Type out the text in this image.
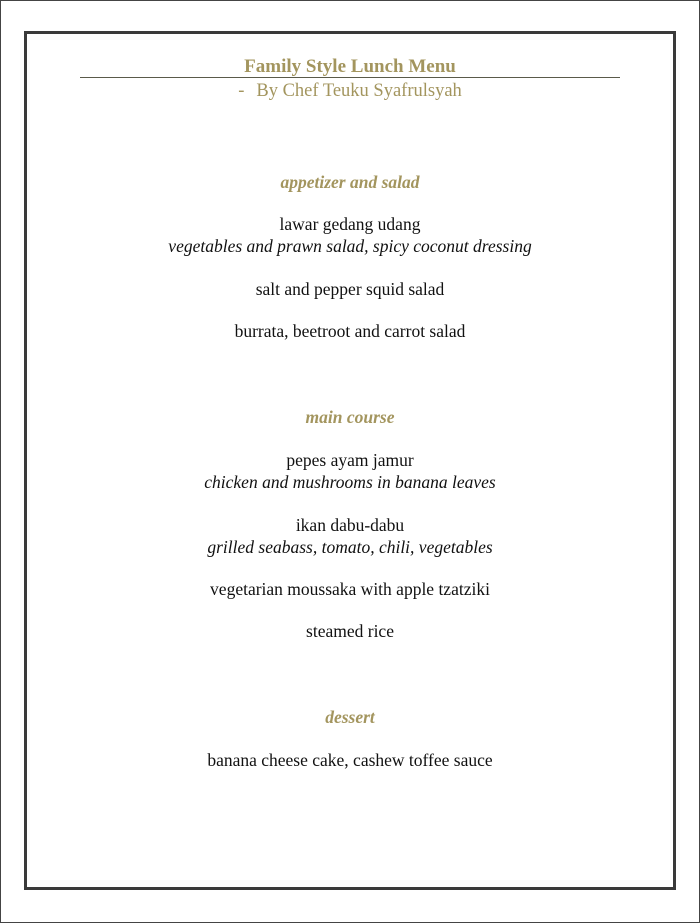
Family Style Lunch Menu
- By Chef Teuku Syafrulsyah
appetizer and salad
lawar gedang udang
vegetables and prawn salad, spicy coconut dressing
salt and pepper squid salad
burrata, beetroot and carrot salad
main course
pepes ayam jamur
chicken and mushrooms in banana leaves
ikan dabu-dabu
grilled seabass, tomato, chili, vegetables
vegetarian moussaka with apple tzatziki
steamed rice
dessert
banana cheese cake, cashew toffee sauce
